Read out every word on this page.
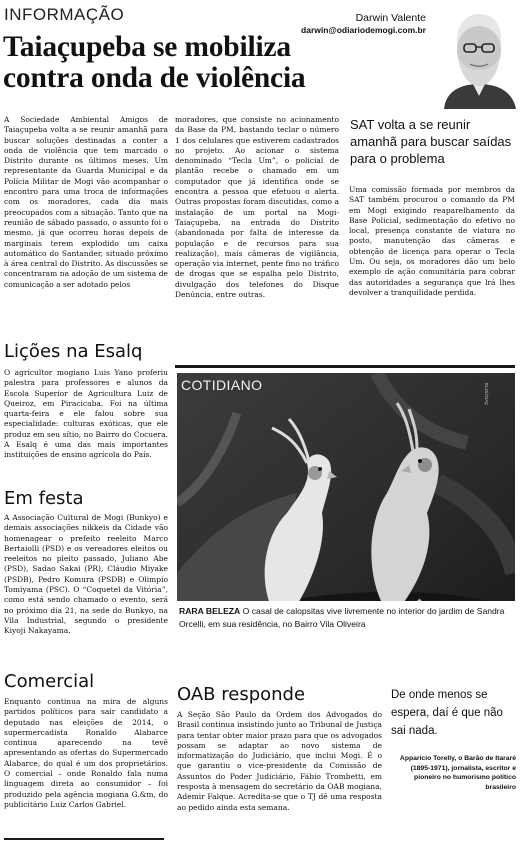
INFORMAÇÃO	Darwin Valente
darwin@odiariodemogi.com.br
Taiaçupeba se mobiliza
contra onda de violência
A Sociedade Ambiental Amigos de Taiaçupeba volta a se reunir amanhã para buscar soluções destinadas a conter a onda de violência que tem marcado o Distrito durante os últimos meses. Um representante da Guarda Municipal e da Polícia Militar de Mogi vão acompanhar o encontro para uma troca de informações com os moradores, cada dia mais preocupados com a situação. Tanto que na reunião de sábado passado, o assunto foi o mesmo, já que ocorreu horas depois de marginais terem explodido um caixa automático do Santander, situado próximo à área central do Distrito. As discussões se concentraram na adoção de um sistema de comunicação a ser adotado pelos
moradores, que consiste no acionamento da Base da PM, bastando teclar o número 1 dos celulares que estiverem cadastrados no projeto. Ao acionar o sistema denominado “Tecla Um”, o policial de plantão recebe o chamado em um computador que já identifica onde se encontra a pessoa que efetuou o alerta. Outras propostas foram discutidas, como a instalação de um portal na Mogi-Taiaçupeba, na entrada do Distrito (abandonada por falta de interesse da população e de recursos para sua realização), mais câmeras de vigilância, operação via internet, pente fino no tráfico de drogas que se espalha pelo Distrito, divulgação dos telefones do Disque Denúncia, entre outras.
SAT volta a se reunir amanhã para buscar saídas para o problema
Uma comissão formada por membros da SAT também procurou o comando da PM em Mogi exigindo reaparelhamento da Base Policial, sedimentação do efetivo no local, presença constante de viatura no posto, manutenção das câmeras e obtenção de licença para operar o Tecla Um. Ou seja, os moradores dão um belo exemplo de ação comunitária para cobrar das autoridades a segurança que lrá lhes devolver a tranquilidade perdida.
Lições na Esalq
O agricultor mogiano Luis Yano proferiu palestra para professores e alunos da Escola Superior de Agricultura Luiz de Queiroz, em Piracicaba. Foi na última quarta-feira e ele falou sobre sua especialidade: culturas exóticas, que ele produz em seu sítio, no Bairro do Cocuera. A Esalq é uma das mais importantes instituições de ensino agrícola do País.
Em festa
A Associação Cultural de Mogi (Bunkyo) e demais associações nikkeis da Cidade vão homenagear o prefeito reeleito Marco Bertaiolli (PSD) e os vereadores eleitos ou reeleitos no pleito passado, Juliano Abe (PSD), Sadao Sakai (PR), Cláudio Miyake (PSDB), Pedro Komura (PSDB) e Olimpio Tomiyama (PSC). O “Coquetel da Vitória”, como está sendo chamado o evento, será no próximo dia 21, na sede do Bunkyo, na Vila Industrial, segundo o presidente Kiyoji Nakayama.
Comercial
Enquanto continua na mira de alguns partidos políticos para sair candidato a deputado nas eleições de 2014, o supermercadista Ronaldo Alabarce continua aparecendo na tevê apresentando as ofertas do Supermercado Alabarce, do qual é um dos proprietários. O comercial – onde Ronaldo fala numa linguagem direta ao consumidor – foi produzido pela agência mogiana G.&m, do publicitário Luiz Carlos Gabriel.
COTIDIANO	ELO/JOAÇ
RARA BELEZA O casal de calopsitas vive livremente no interior do jardim de Sandra Orcelli, em sua residência, no Bairro Vila Oliveira
OAB responde
A Seção São Paulo da Ordem dos Advogados do Brasil continua insistindo junto ao Tribunal de Justiça para tentar obter maior prazo para que os advogados possam se adaptar ao novo sistema de informatização do Judiciário, que inclui Mogi. É o que garantiu o vice-presidente da Comissão de Assuntos do Poder Judiciário, Fábio Trombetti, em resposta à mensagem do secretário da OAB mogiana, Ademir Falque. Acredita-se que o TJ dê uma resposta ao pedido ainda esta semana.
De onde menos se espera, daí é que não sai nada.
Apparício Torelly, o Barão de Itararé (1895-1971), jornalista, escritor e pioneiro no humorismo político brasileiro
